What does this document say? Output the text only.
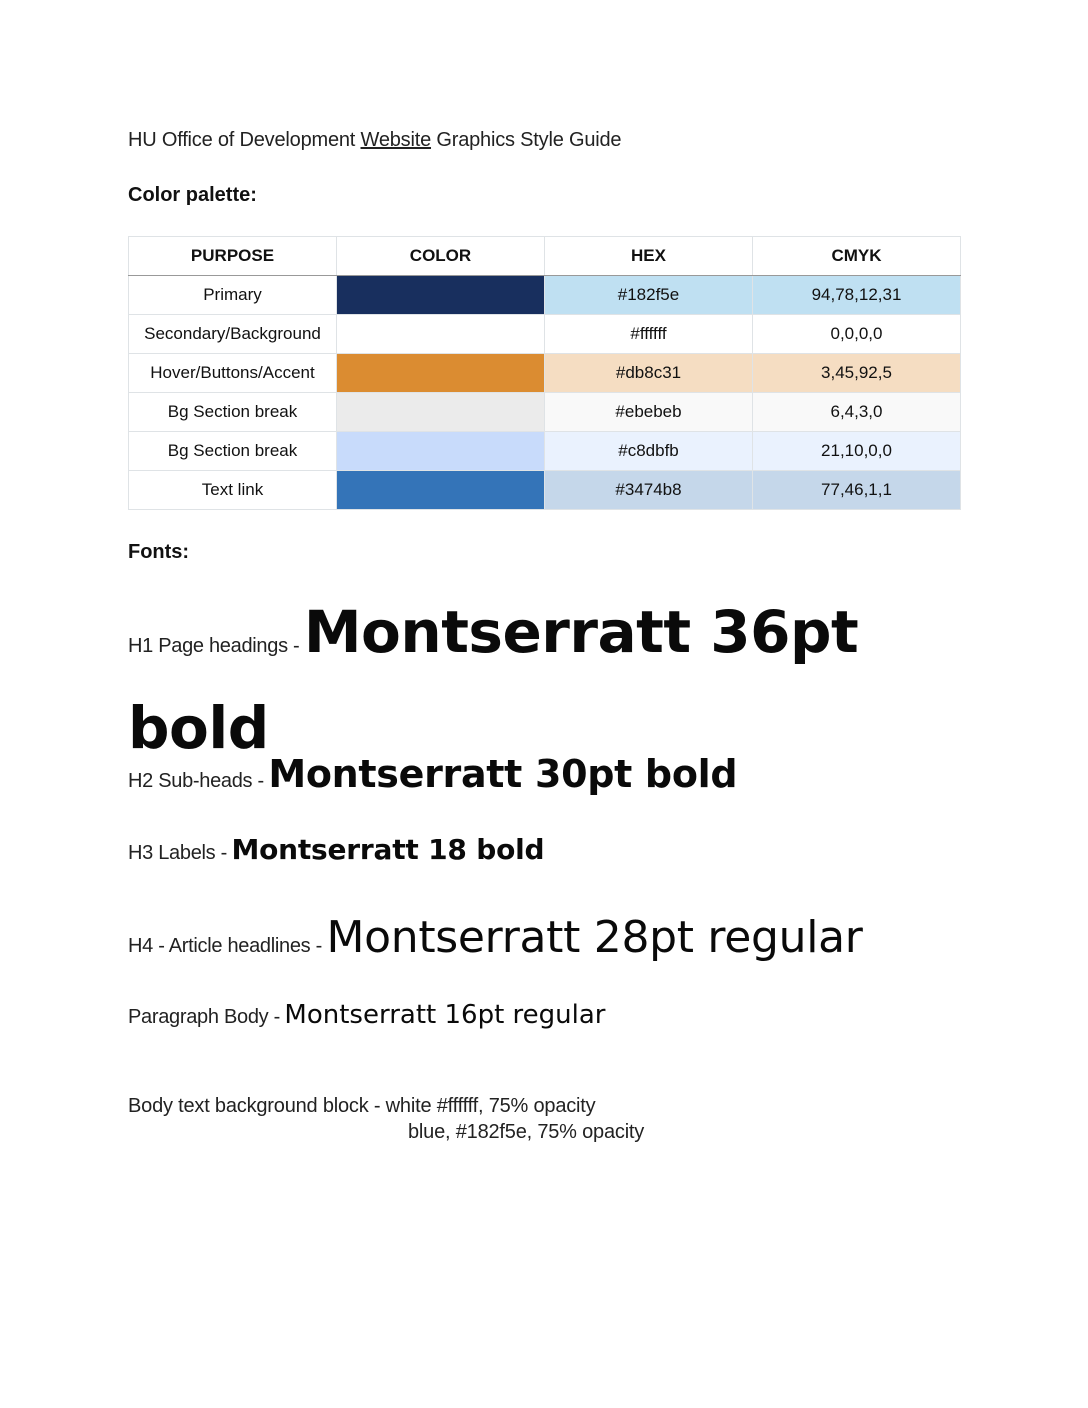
HU Office of Development Website Graphics Style Guide
Color palette:
PURPOSE	COLOR	HEX	CMYK
Primary		#182f5e	94,78,12,31
Secondary/Background		#ffffff	0,0,0,0
Hover/Buttons/Accent		#db8c31	3,45,92,5
Bg Section break		#ebebeb	6,4,3,0
Bg Section break		#c8dbfb	21,10,0,0
Text link		#3474b8	77,46,1,1
Fonts:
H1 Page headings - Montserratt 36pt bold
H2 Sub-heads - Montserratt 30pt bold
H3 Labels - Montserratt 18 bold
H4 - Article headlines - Montserratt 28pt regular
Paragraph Body - Montserratt 16pt regular
Body text background block - white #ffffff, 75% opacity
blue, #182f5e, 75% opacity
